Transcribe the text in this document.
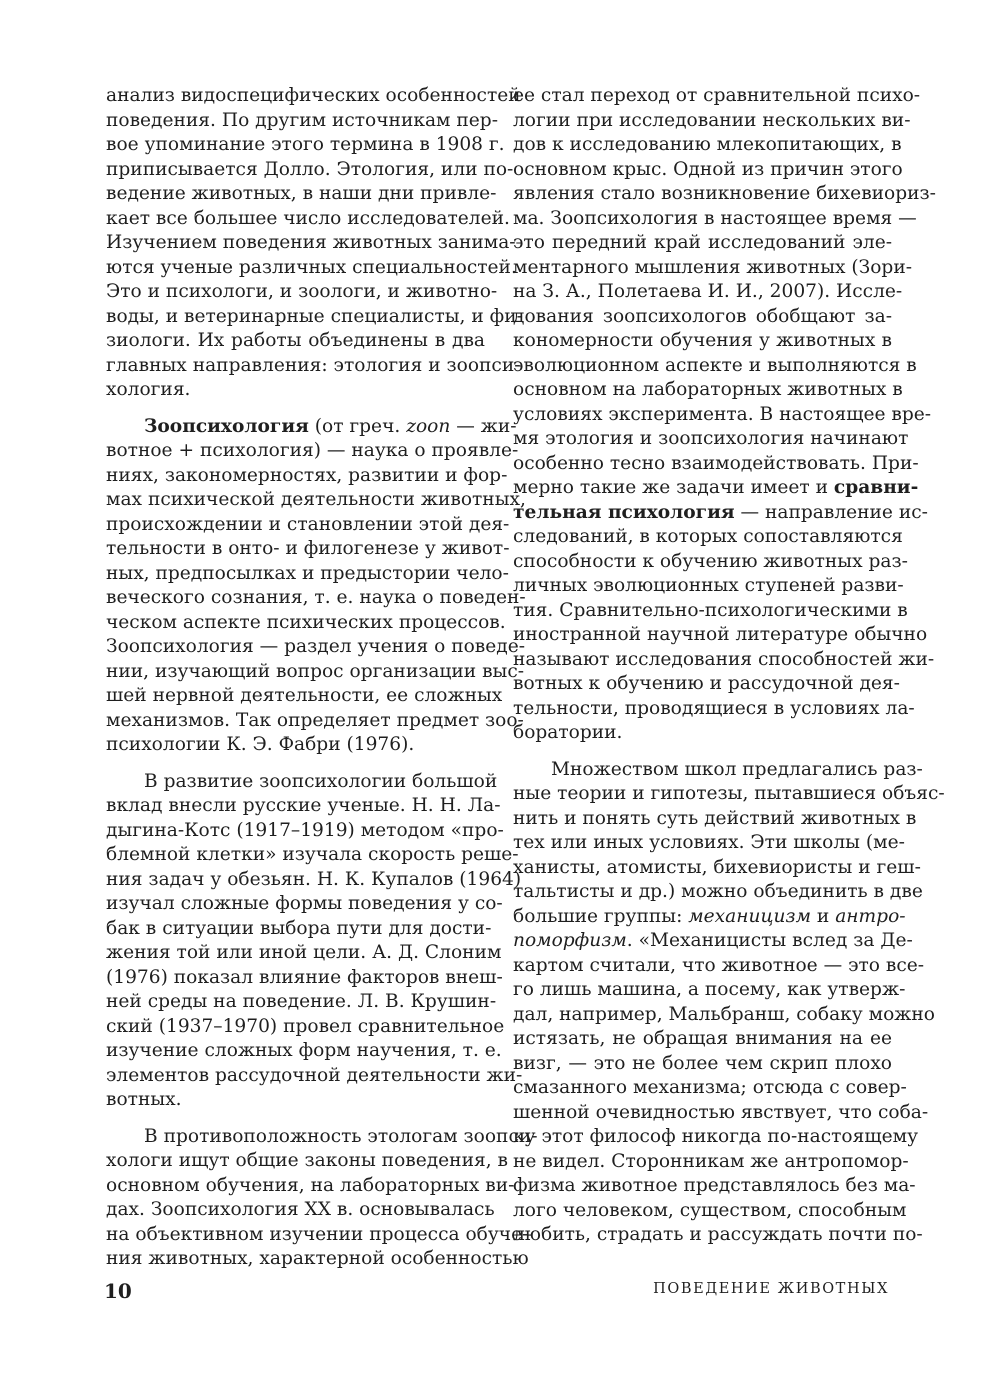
анализ видоспецифических особенностей
поведения. По другим источникам пер-
вое упоминание этого термина в 1908 г.
приписывается Долло. Этология, или по-
ведение животных, в наши дни привле-
кает все большее число исследователей.
Изучением поведения животных занима-
ются ученые различных специальностей.
Это и психологи, и зоологи, и животно-
воды, и ветеринарные специалисты, и фи-
зиологи. Их работы объединены в два
главных направления: этология и зоопси-
хология.
Зоопсихология (от греч. zoon — жи-
вотное + психология) — наука о проявле-
ниях, закономерностях, развитии и фор-
мах психической деятельности животных,
происхождении и становлении этой дея-
тельности в онто- и филогенезе у живот-
ных, предпосылках и предыстории чело-
веческого сознания, т. е. наука о поведен-
ческом аспекте психических процессов.
Зоопсихология — раздел учения о поведе-
нии, изучающий вопрос организации выс-
шей нервной деятельности, ее сложных
механизмов. Так определяет предмет зоо-
психологии К. Э. Фабри (1976).
В развитие зоопсихологии большой
вклад внесли русские ученые. Н. Н. Ла-
дыгина-Котс (1917–1919) методом «про-
блемной клетки» изучала скорость реше-
ния задач у обезьян. Н. К. Купалов (1964)
изучал сложные формы поведения у со-
бак в ситуации выбора пути для дости-
жения той или иной цели. А. Д. Слоним
(1976) показал влияние факторов внеш-
ней среды на поведение. Л. В. Крушин-
ский (1937–1970) провел сравнительное
изучение сложных форм научения, т. е.
элементов рассудочной деятельности жи-
вотных.
В противоположность этологам зоопси-
хологи ищут общие законы поведения, в
основном обучения, на лабораторных ви-
дах. Зоопсихология XX в. основывалась
на объективном изучении процесса обуче-
ния животных, характерной особенностью
ее стал переход от сравнительной психо-
логии при исследовании нескольких ви-
дов к исследованию млекопитающих, в
основном крыс. Одной из причин этого
явления стало возникновение бихевиориз-
ма. Зоопсихология в настоящее время —
это передний край исследований эле-
ментарного мышления животных (Зори-
на З. А., Полетаева И. И., 2007). Иссле-
дования зоопсихологов обобщают за-
кономерности обучения у животных в
эволюционном аспекте и выполняются в
основном на лабораторных животных в
условиях эксперимента. В настоящее вре-
мя этология и зоопсихология начинают
особенно тесно взаимодействовать. При-
мерно такие же задачи имеет и сравни-
тельная психология — направление ис-
следований, в которых сопоставляются
способности к обучению животных раз-
личных эволюционных ступеней разви-
тия. Сравнительно-психологическими в
иностранной научной литературе обычно
называют исследования способностей жи-
вотных к обучению и рассудочной дея-
тельности, проводящиеся в условиях ла-
боратории.
Множеством школ предлагались раз-
ные теории и гипотезы, пытавшиеся объяс-
нить и понять суть действий животных в
тех или иных условиях. Эти школы (ме-
ханисты, атомисты, бихевиористы и геш-
тальтисты и др.) можно объединить в две
большие группы: механицизм и антро-
поморфизм. «Механицисты вслед за Де-
картом считали, что животное — это все-
го лишь машина, а посему, как утверж-
дал, например, Мальбранш, собаку можно
истязать, не обращая внимания на ее
визг, — это не более чем скрип плохо
смазанного механизма; отсюда с совер-
шенной очевидностью явствует, что соба-
ку этот философ никогда по-настоящему
не видел. Сторонникам же антропомор-
физма животное представлялось без ма-
лого человеком, существом, способным
любить, страдать и рассуждать почти по-
10	ПОВЕДЕНИЕ ЖИВОТНЫХ
